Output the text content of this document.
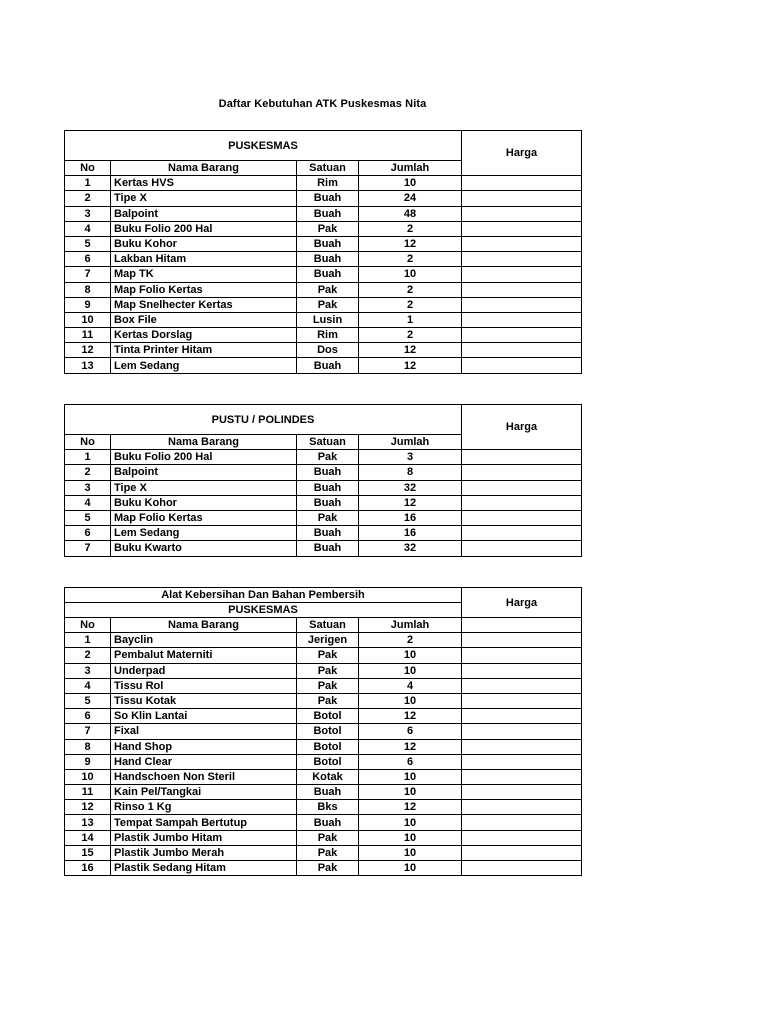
Daftar Kebutuhan ATK Puskesmas Nita
PUSKESMAS				Harga
No	Nama Barang	Satuan	Jumlah	
1	Kertas HVS	Rim	10	
2	Tipe X	Buah	24	
3	Balpoint	Buah	48	
4	Buku Folio 200 Hal	Pak	2	
5	Buku Kohor	Buah	12	
6	Lakban Hitam	Buah	2	
7	Map TK	Buah	10	
8	Map Folio Kertas	Pak	2	
9	Map Snelhecter Kertas	Pak	2	
10	Box File	Lusin	1	
11	Kertas Dorslag	Rim	2	
12	Tinta Printer Hitam	Dos	12	
13	Lem Sedang	Buah	12	
PUSTU / POLINDES				Harga
No	Nama Barang	Satuan	Jumlah	
1	Buku Folio 200 Hal	Pak	3	
2	Balpoint	Buah	8	
3	Tipe X	Buah	32	
4	Buku Kohor	Buah	12	
5	Map Folio Kertas	Pak	16	
6	Lem Sedang	Buah	16	
7	Buku Kwarto	Buah	32	
Alat Kebersihan Dan Bahan Pembersih				Harga
PUSKESMAS				
No	Nama Barang	Satuan	Jumlah	
1	Bayclin	Jerigen	2	
2	Pembalut Materniti	Pak	10	
3	Underpad	Pak	10	
4	Tissu Rol	Pak	4	
5	Tissu Kotak	Pak	10	
6	So Klin Lantai	Botol	12	
7	Fixal	Botol	6	
8	Hand Shop	Botol	12	
9	Hand Clear	Botol	6	
10	Handschoen Non Steril	Kotak	10	
11	Kain Pel/Tangkai	Buah	10	
12	Rinso 1 Kg	Bks	12	
13	Tempat Sampah Bertutup	Buah	10	
14	Plastik Jumbo Hitam	Pak	10	
15	Plastik Jumbo Merah	Pak	10	
16	Plastik Sedang Hitam	Pak	10	
